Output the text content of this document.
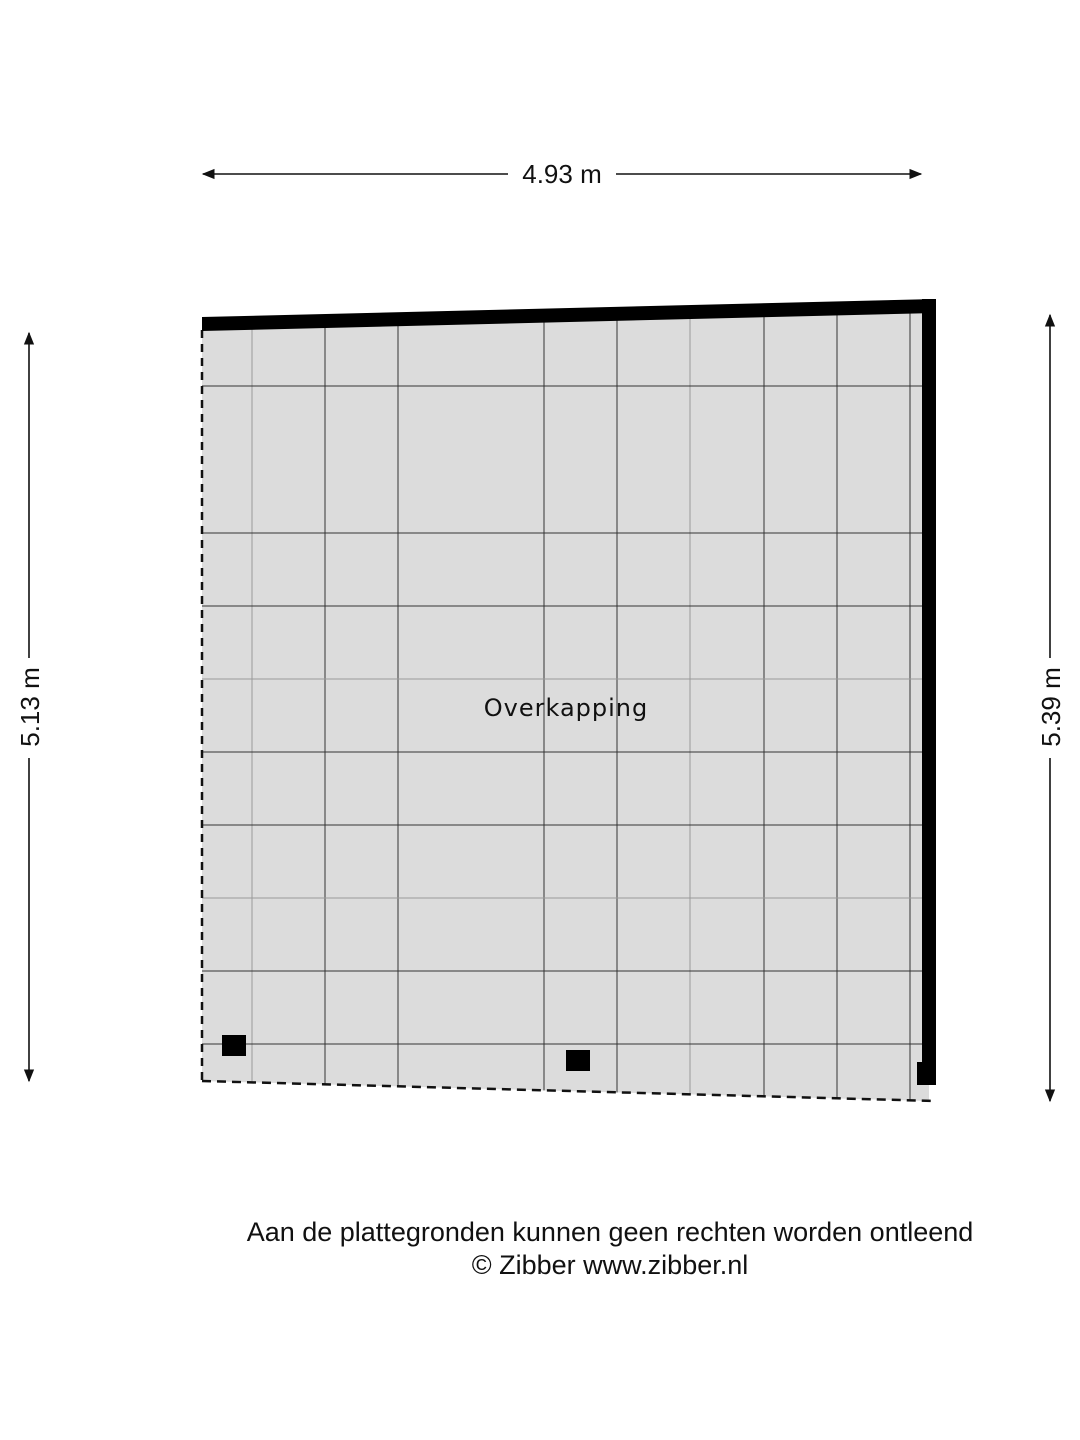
4.93 m
5.13 m	5.39 m
Overkapping
Aan de plattegronden kunnen geen rechten worden ontleend
© Zibber www.zibber.nl
